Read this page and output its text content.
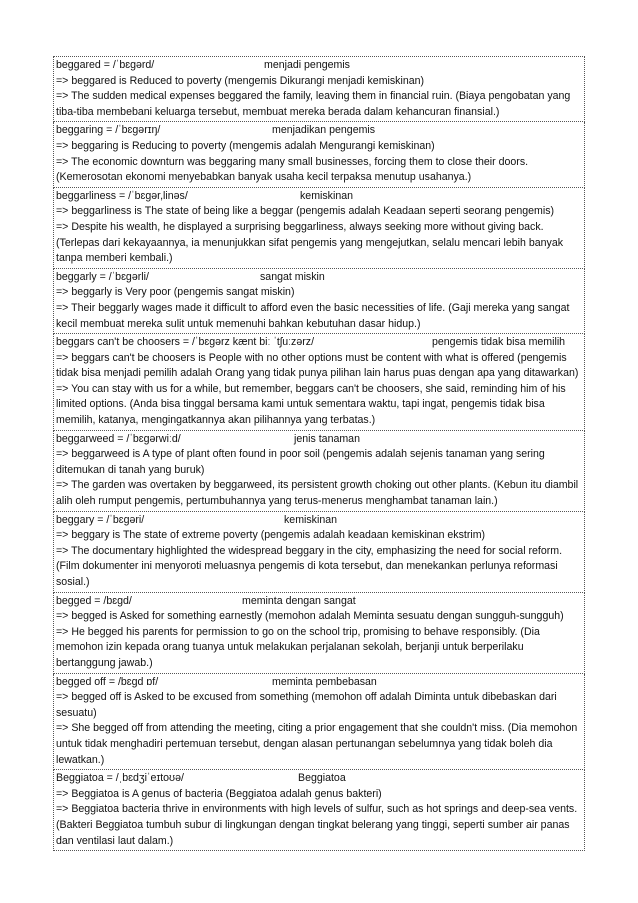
beggared = /ˈbɛgərd/	menjadi pengemis
=> beggared is Reduced to poverty (mengemis Dikurangi menjadi kemiskinan)
=> The sudden medical expenses beggared the family, leaving them in financial ruin. (Biaya pengobatan yang tiba-tiba membebani keluarga tersebut, membuat mereka berada dalam kehancuran finansial.)
beggaring = /ˈbɛgərɪŋ/	menjadikan pengemis
=> beggaring is Reducing to poverty (mengemis adalah Mengurangi kemiskinan)
=> The economic downturn was beggaring many small businesses, forcing them to close their doors. (Kemerosotan ekonomi menyebabkan banyak usaha kecil terpaksa menutup usahanya.)
beggarliness = /ˈbɛgər,linəs/	kemiskinan
=> beggarliness is The state of being like a beggar (pengemis adalah Keadaan seperti seorang pengemis)
=> Despite his wealth, he displayed a surprising beggarliness, always seeking more without giving back. (Terlepas dari kekayaannya, ia menunjukkan sifat pengemis yang mengejutkan, selalu mencari lebih banyak tanpa memberi kembali.)
beggarly = /ˈbɛgərli/	sangat miskin
=> beggarly is Very poor (pengemis sangat miskin)
=> Their beggarly wages made it difficult to afford even the basic necessities of life. (Gaji mereka yang sangat kecil membuat mereka sulit untuk memenuhi bahkan kebutuhan dasar hidup.)
beggars can't be choosers = /ˈbɛgərz kænt biː ˈtʃuːzərz/	pengemis tidak bisa memilih
=> beggars can't be choosers is People with no other options must be content with what is offered (pengemis tidak bisa menjadi pemilih adalah Orang yang tidak punya pilihan lain harus puas dengan apa yang ditawarkan)
=> You can stay with us for a while, but remember, beggars can't be choosers, she said, reminding him of his limited options. (Anda bisa tinggal bersama kami untuk sementara waktu, tapi ingat, pengemis tidak bisa memilih, katanya, mengingatkannya akan pilihannya yang terbatas.)
beggarweed = /ˈbɛgərwiːd/	jenis tanaman
=> beggarweed is A type of plant often found in poor soil (pengemis adalah sejenis tanaman yang sering ditemukan di tanah yang buruk)
=> The garden was overtaken by beggarweed, its persistent growth choking out other plants. (Kebun itu diambil alih oleh rumput pengemis, pertumbuhannya yang terus-menerus menghambat tanaman lain.)
beggary = /ˈbɛgəri/	kemiskinan
=> beggary is The state of extreme poverty (pengemis adalah keadaan kemiskinan ekstrim)
=> The documentary highlighted the widespread beggary in the city, emphasizing the need for social reform. (Film dokumenter ini menyoroti meluasnya pengemis di kota tersebut, dan menekankan perlunya reformasi sosial.)
begged = /bɛgd/	meminta dengan sangat
=> begged is Asked for something earnestly (memohon adalah Meminta sesuatu dengan sungguh-sungguh)
=> He begged his parents for permission to go on the school trip, promising to behave responsibly. (Dia memohon izin kepada orang tuanya untuk melakukan perjalanan sekolah, berjanji untuk berperilaku bertanggung jawab.)
begged off = /bɛgd ɒf/	meminta pembebasan
=> begged off is Asked to be excused from something (memohon off adalah Diminta untuk dibebaskan dari sesuatu)
=> She begged off from attending the meeting, citing a prior engagement that she couldn't miss. (Dia memohon untuk tidak menghadiri pertemuan tersebut, dengan alasan pertunangan sebelumnya yang tidak boleh dia lewatkan.)
Beggiatoa = /ˌbɛdʒiˈeɪtoʊə/	Beggiatoa
=> Beggiatoa is A genus of bacteria (Beggiatoa adalah genus bakteri)
=> Beggiatoa bacteria thrive in environments with high levels of sulfur, such as hot springs and deep-sea vents. (Bakteri Beggiatoa tumbuh subur di lingkungan dengan tingkat belerang yang tinggi, seperti sumber air panas dan ventilasi laut dalam.)
